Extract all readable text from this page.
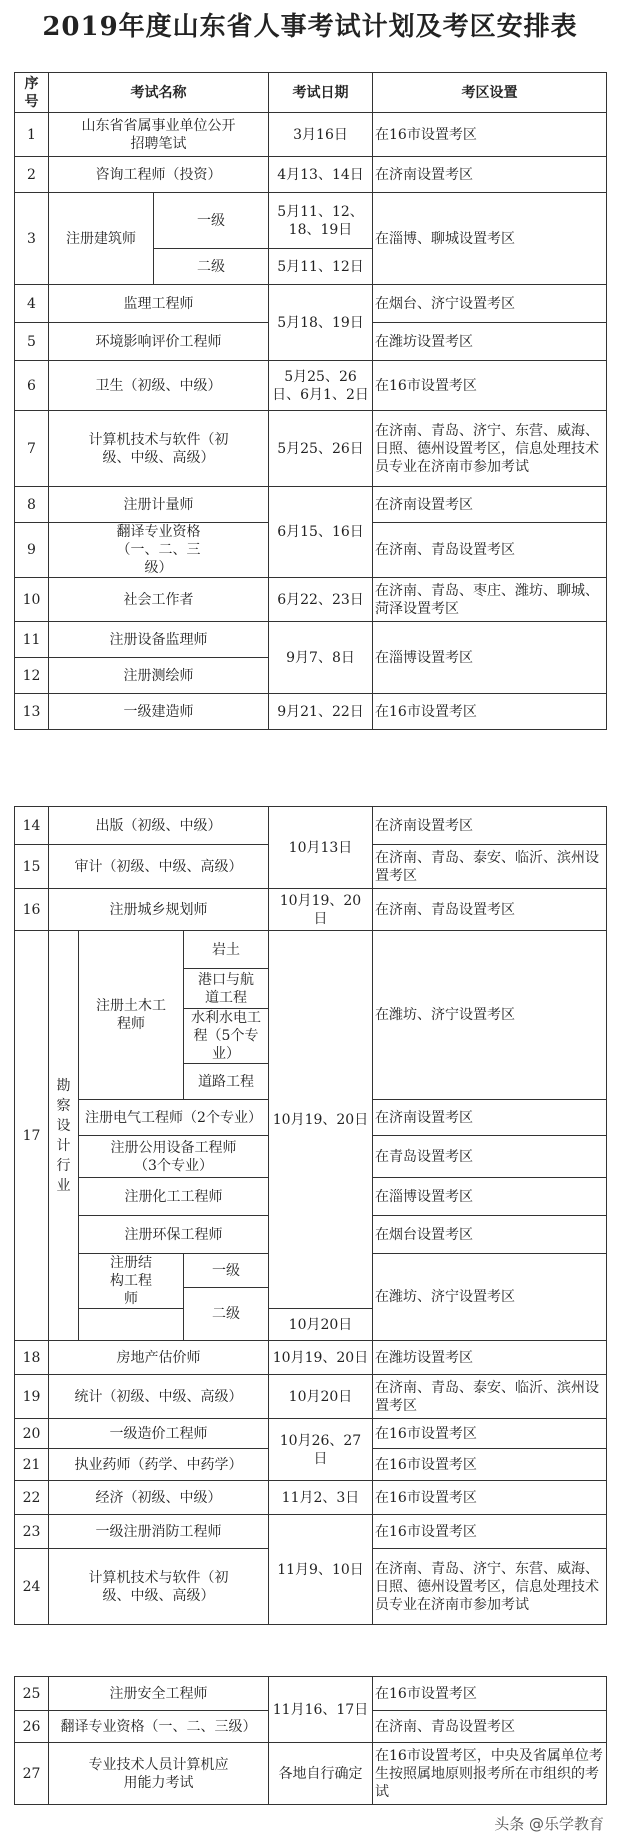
2019年度山东省人事考试计划及考区安排表
序号	考试名称		考试日期	考区设置
1	山东省省属事业单位公开招聘笔试		3月16日	在16市设置考区
2	咨询工程师（投资）		4月13、14日	在济南设置考区
3	注册建筑师	一级	5月11、12、18、19日	在淄博、聊城设置考区
		二级	5月11、12日	
4	监理工程师		5月18、19日	在烟台、济宁设置考区
5	环境影响评价工程师			在潍坊设置考区
6	卫生（初级、中级）		5月25、26日、6月1、2日	在16市设置考区
7	计算机技术与软件（初级、中级、高级）		5月25、26日	在济南、青岛、济宁、东营、威海、日照、德州设置考区，信息处理技术员专业在济南市参加考试
8	注册计量师		6月15、16日	在济南设置考区
9	翻译专业资格（一、二、三级）			在济南、青岛设置考区
10	社会工作者		6月22、23日	在济南、青岛、枣庄、潍坊、聊城、菏泽设置考区
11	注册设备监理师		9月7、8日	在淄博设置考区
12	注册测绘师			
13	一级建造师		9月21、22日	在16市设置考区
14	出版（初级、中级）			10月13日	在济南设置考区
15	审计（初级、中级、高级）				在济南、青岛、泰安、临沂、滨州设置考区
16	注册城乡规划师			10月19、20日	在济南、青岛设置考区
17	勘察设计行业	注册土木工程师	岩土	10月19、20日	在潍坊、济宁设置考区
			港口与航道工程		
			水利水电工程（5个专业）		
			道路工程		
		注册电气工程师（2个专业）			在济南设置考区
		注册公用设备工程师（3个专业）			在青岛设置考区
		注册化工工程师			在淄博设置考区
		注册环保工程师			在烟台设置考区
		注册结构工程师	一级		在潍坊、济宁设置考区
			二级		
				10月20日	
18	房地产估价师			10月19、20日	在潍坊设置考区
19	统计（初级、中级、高级）			10月20日	在济南、青岛、泰安、临沂、滨州设置考区
20	一级造价工程师			10月26、27日	在16市设置考区
21	执业药师（药学、中药学）				在16市设置考区
22	经济（初级、中级）			11月2、3日	在16市设置考区
23	一级注册消防工程师			11月9、10日	在16市设置考区
24	计算机技术与软件（初级、中级、高级）				在济南、青岛、济宁、东营、威海、日照、德州设置考区，信息处理技术员专业在济南市参加考试
25	注册安全工程师	11月16、17日	在16市设置考区
26	翻译专业资格（一、二、三级）		在济南、青岛设置考区
27	专业技术人员计算机应用能力考试	各地自行确定	在16市设置考区，中央及省属单位考生按照属地原则报考所在市组织的考试
头条 @乐学教育
